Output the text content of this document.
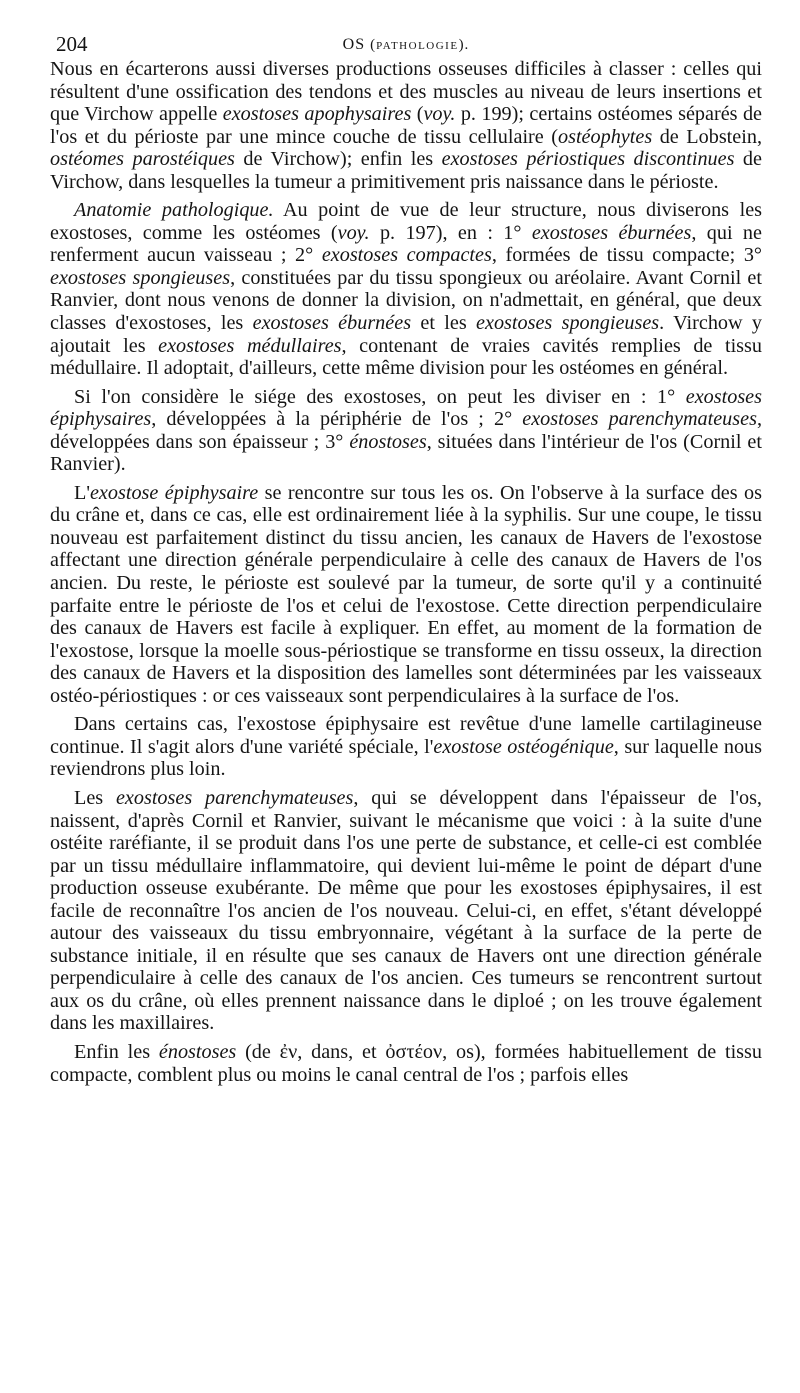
204	OS (PATHOLOGIE).

Nous en écarterons aussi diverses productions osseuses difficiles à classer : celles qui résultent d'une ossification des tendons et des muscles au niveau de leurs insertions et que Virchow appelle exostoses apophysaires (voy. p. 199); certains ostéomes séparés de l'os et du périoste par une mince couche de tissu cellulaire (ostéophytes de Lobstein, ostéomes parostéiques de Virchow); enfin les exostoses périostiques discontinues de Virchow, dans lesquelles la tumeur a primitivement pris naissance dans le périoste.

Anatomie pathologique. Au point de vue de leur structure, nous diviserons les exostoses, comme les ostéomes (voy. p. 197), en : 1° exostoses éburnées, qui ne renferment aucun vaisseau ; 2° exostoses compactes, formées de tissu compacte; 3° exostoses spongieuses, constituées par du tissu spongieux ou aréolaire. Avant Cornil et Ranvier, dont nous venons de donner la division, on n'admettait, en général, que deux classes d'exostoses, les exostoses éburnées et les exostoses spongieuses. Virchow y ajoutait les exostoses médullaires, contenant de vraies cavités remplies de tissu médullaire. Il adoptait, d'ailleurs, cette même division pour les ostéomes en général.

Si l'on considère le siége des exostoses, on peut les diviser en : 1° exostoses épiphysaires, développées à la périphérie de l'os ; 2° exostoses parenchymateuses, développées dans son épaisseur ; 3° énostoses, situées dans l'intérieur de l'os (Cornil et Ranvier).

L'exostose épiphysaire se rencontre sur tous les os. On l'observe à la surface des os du crâne et, dans ce cas, elle est ordinairement liée à la syphilis. Sur une coupe, le tissu nouveau est parfaitement distinct du tissu ancien, les canaux de Havers de l'exostose affectant une direction générale perpendiculaire à celle des canaux de Havers de l'os ancien. Du reste, le périoste est soulevé par la tumeur, de sorte qu'il y a continuité parfaite entre le périoste de l'os et celui de l'exostose. Cette direction perpendiculaire des canaux de Havers est facile à expliquer. En effet, au moment de la formation de l'exostose, lorsque la moelle sous-périostique se transforme en tissu osseux, la direction des canaux de Havers et la disposition des lamelles sont déterminées par les vaisseaux ostéo-périostiques : or ces vaisseaux sont perpendiculaires à la surface de l'os.

Dans certains cas, l'exostose épiphysaire est revêtue d'une lamelle cartilagineuse continue. Il s'agit alors d'une variété spéciale, l'exostose ostéogénique, sur laquelle nous reviendrons plus loin.

Les exostoses parenchymateuses, qui se développent dans l'épaisseur de l'os, naissent, d'après Cornil et Ranvier, suivant le mécanisme que voici : à la suite d'une ostéite raréfiante, il se produit dans l'os une perte de substance, et celle-ci est comblée par un tissu médullaire inflammatoire, qui devient lui-même le point de départ d'une production osseuse exubérante. De même que pour les exostoses épiphysaires, il est facile de reconnaître l'os ancien de l'os nouveau. Celui-ci, en effet, s'étant développé autour des vaisseaux du tissu embryonnaire, végétant à la surface de la perte de substance initiale, il en résulte que ses canaux de Havers ont une direction générale perpendiculaire à celle des canaux de l'os ancien. Ces tumeurs se rencontrent surtout aux os du crâne, où elles prennent naissance dans le diploé ; on les trouve également dans les maxillaires.

Enfin les énostoses (de ἐν, dans, et ὀστέον, os), formées habituellement de tissu compacte, comblent plus ou moins le canal central de l'os ; parfois elles
